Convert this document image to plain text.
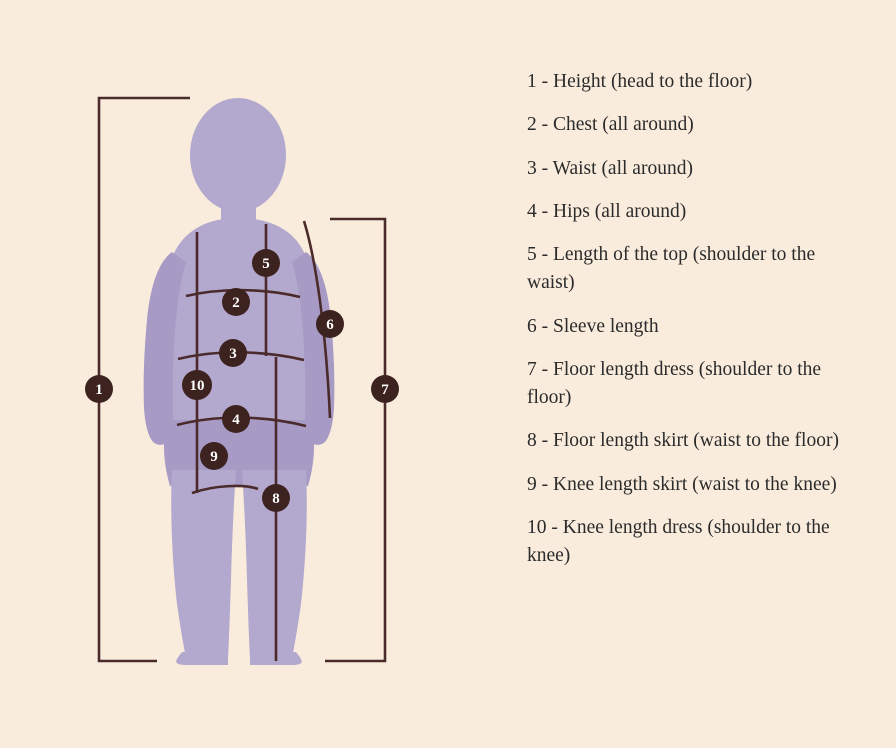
1
2
3
4
5
6
7
8
9
10
1 - Height (head to the floor)
2 - Chest (all around)
3 - Waist (all around)
4 - Hips (all around)
5 - Length of the top (shoulder to the waist)
6 - Sleeve length
7 - Floor length dress (shoulder to the floor)
8 - Floor length skirt (waist to the floor)
9 - Knee length skirt (waist to the knee)
10 - Knee length dress (shoulder to the knee)
